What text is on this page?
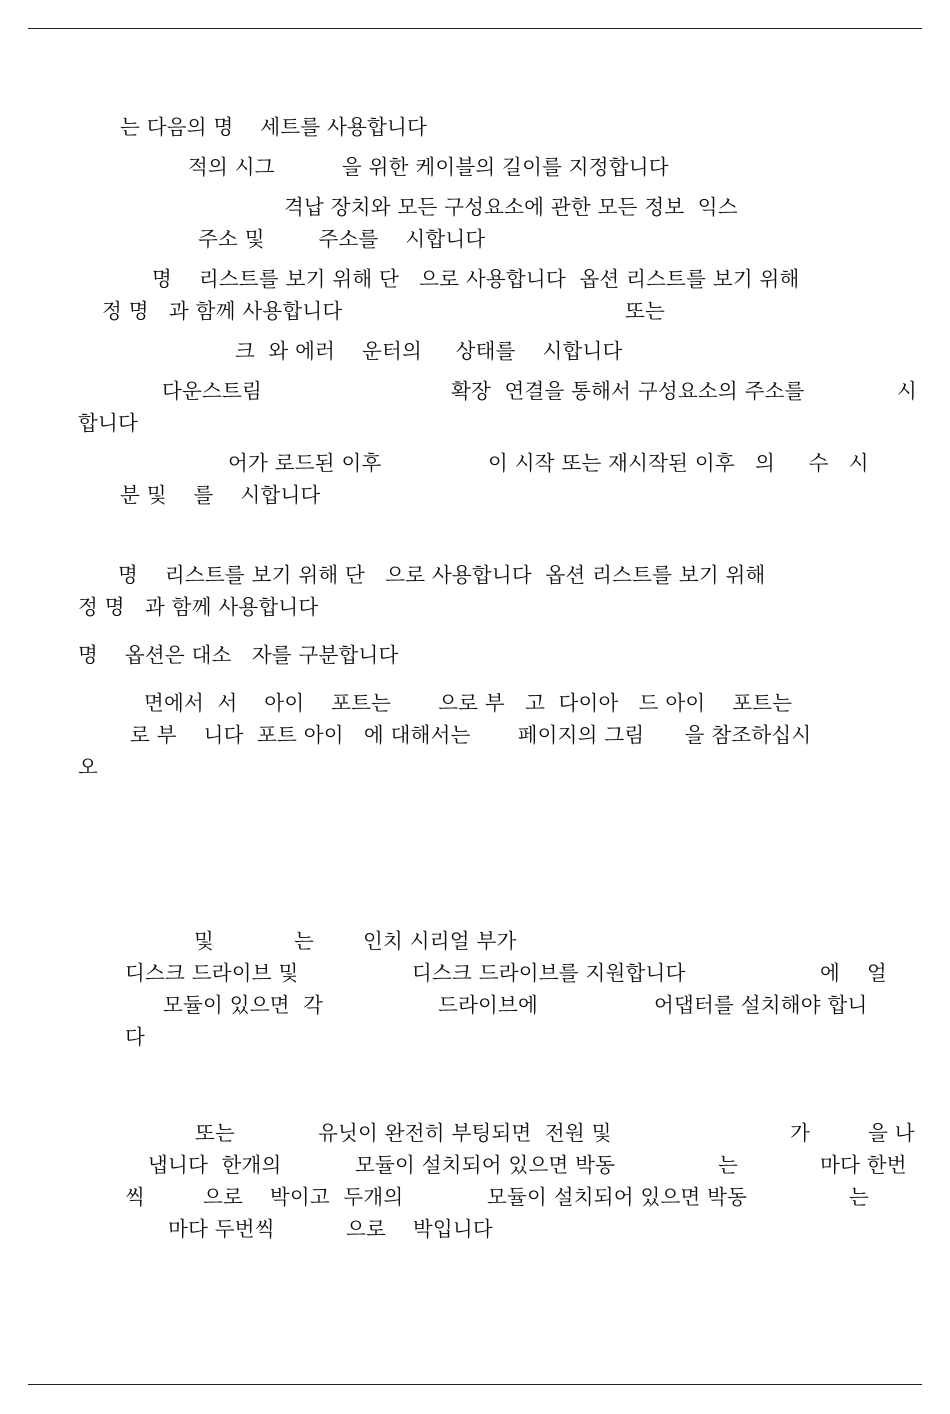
는 다음의 명    세트를 사용합니다
적의 시그          을 위한 케이블의 길이를 지정합니다
격납 장치와 모든 구성요소에 관한 모든 정보  익스
주소 및        주소를    시합니다
명    리스트를 보기 위해 단   으로 사용합니다  옵션 리스트를 보기 위해
정 명   과 함께 사용합니다	또는
크  와 에러    운터의     상태를    시합니다
다운스트림	확장  연결을 통해서 구성요소의 주소를	시
합니다
어가 로드된 이후	이 시작 또는 재시작된 이후   의     수   시
분 및    를    시합니다
명    리스트를 보기 위해 단   으로 사용합니다  옵션 리스트를 보기 위해
정 명   과 함께 사용합니다
명    옵션은 대소   자를 구분합니다
면에서  서    아이    포트는       으로 부   고  다이아   드 아이    포트는
로 부    니다  포트 아이   에 대해서는       페이지의 그림      을 참조하십시
오
및	는 인치 시리얼 부가
디스크 드라이브 및	디스크 드라이브를 지원합니다	에    얼
모듈이 있으면  각	드라이브에	어댑터를 설치해야 합니
다
또는	유닛이 완전히 부팅되면  전원 및	가	을 나
냅니다  한개의	모듈이 설치되어 있으면 박동	는	마다 한번
씩	으로    박이고  두개의	모듈이 설치되어 있으면 박동	는
마다 두번씩	으로    박입니다
